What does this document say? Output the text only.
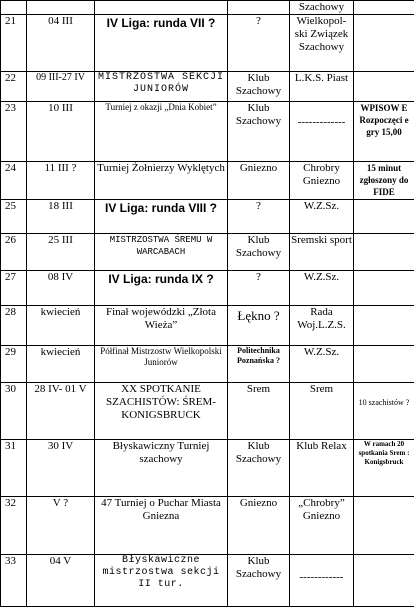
				Szachowy	
21	04 III	IV Liga: runda VII ?	?	Wielkopol-ski Związek Szachowy	
22	09 III-27 IV	MISTRZOSTWA SEKCJI JUNIORÓW	Klub Szachowy	L.K.S. Piast	
23	10 III	Turniej z okazji „Dnia Kobiet”	Klub Szachowy	-------------	WPISOW E Rozpoczęci e gry 15,00
24	11 III ?	Turniej Żołnierzy Wyklętych	Gniezno	Chrobry Gniezno	15 minut zgłoszony do FIDE
25	18 III	IV Liga: runda VIII ?	?	W.Z.Sz.	
26	25 III	MISTRZOSTWA ŚREMU W WARCABACH	Klub Szachowy	Sremski sport	
27	08 IV	IV Liga: runda IX ?	?	W.Z.Sz.	
28	kwiecień	Finał wojewódzki „Złota Wieża”	Łękno ?	Rada Woj.L.Z.S.	
29	kwiecień	Półfinał Mistrzostw Wielkopolski Juniorów	Politechnika Poznańska ?	W.Z.Sz.	
30	28 IV- 01 V	XX SPOTKANIE SZACHISTÓW: ŚREM-KONIGSBRUCK	Srem	Srem	10 szachistów ?
31	30 IV	Błyskawiczny Turniej szachowy	Klub Szachowy	Klub Relax	W ramach 20 spotkania Srem : Konigsbruck
32	V ?	47 Turniej o Puchar Miasta Gniezna	Gniezno	„Chrobry” Gniezno	
33	04 V	Błyskawiczne mistrzostwa sekcji II tur.	Klub Szachowy	------------	
